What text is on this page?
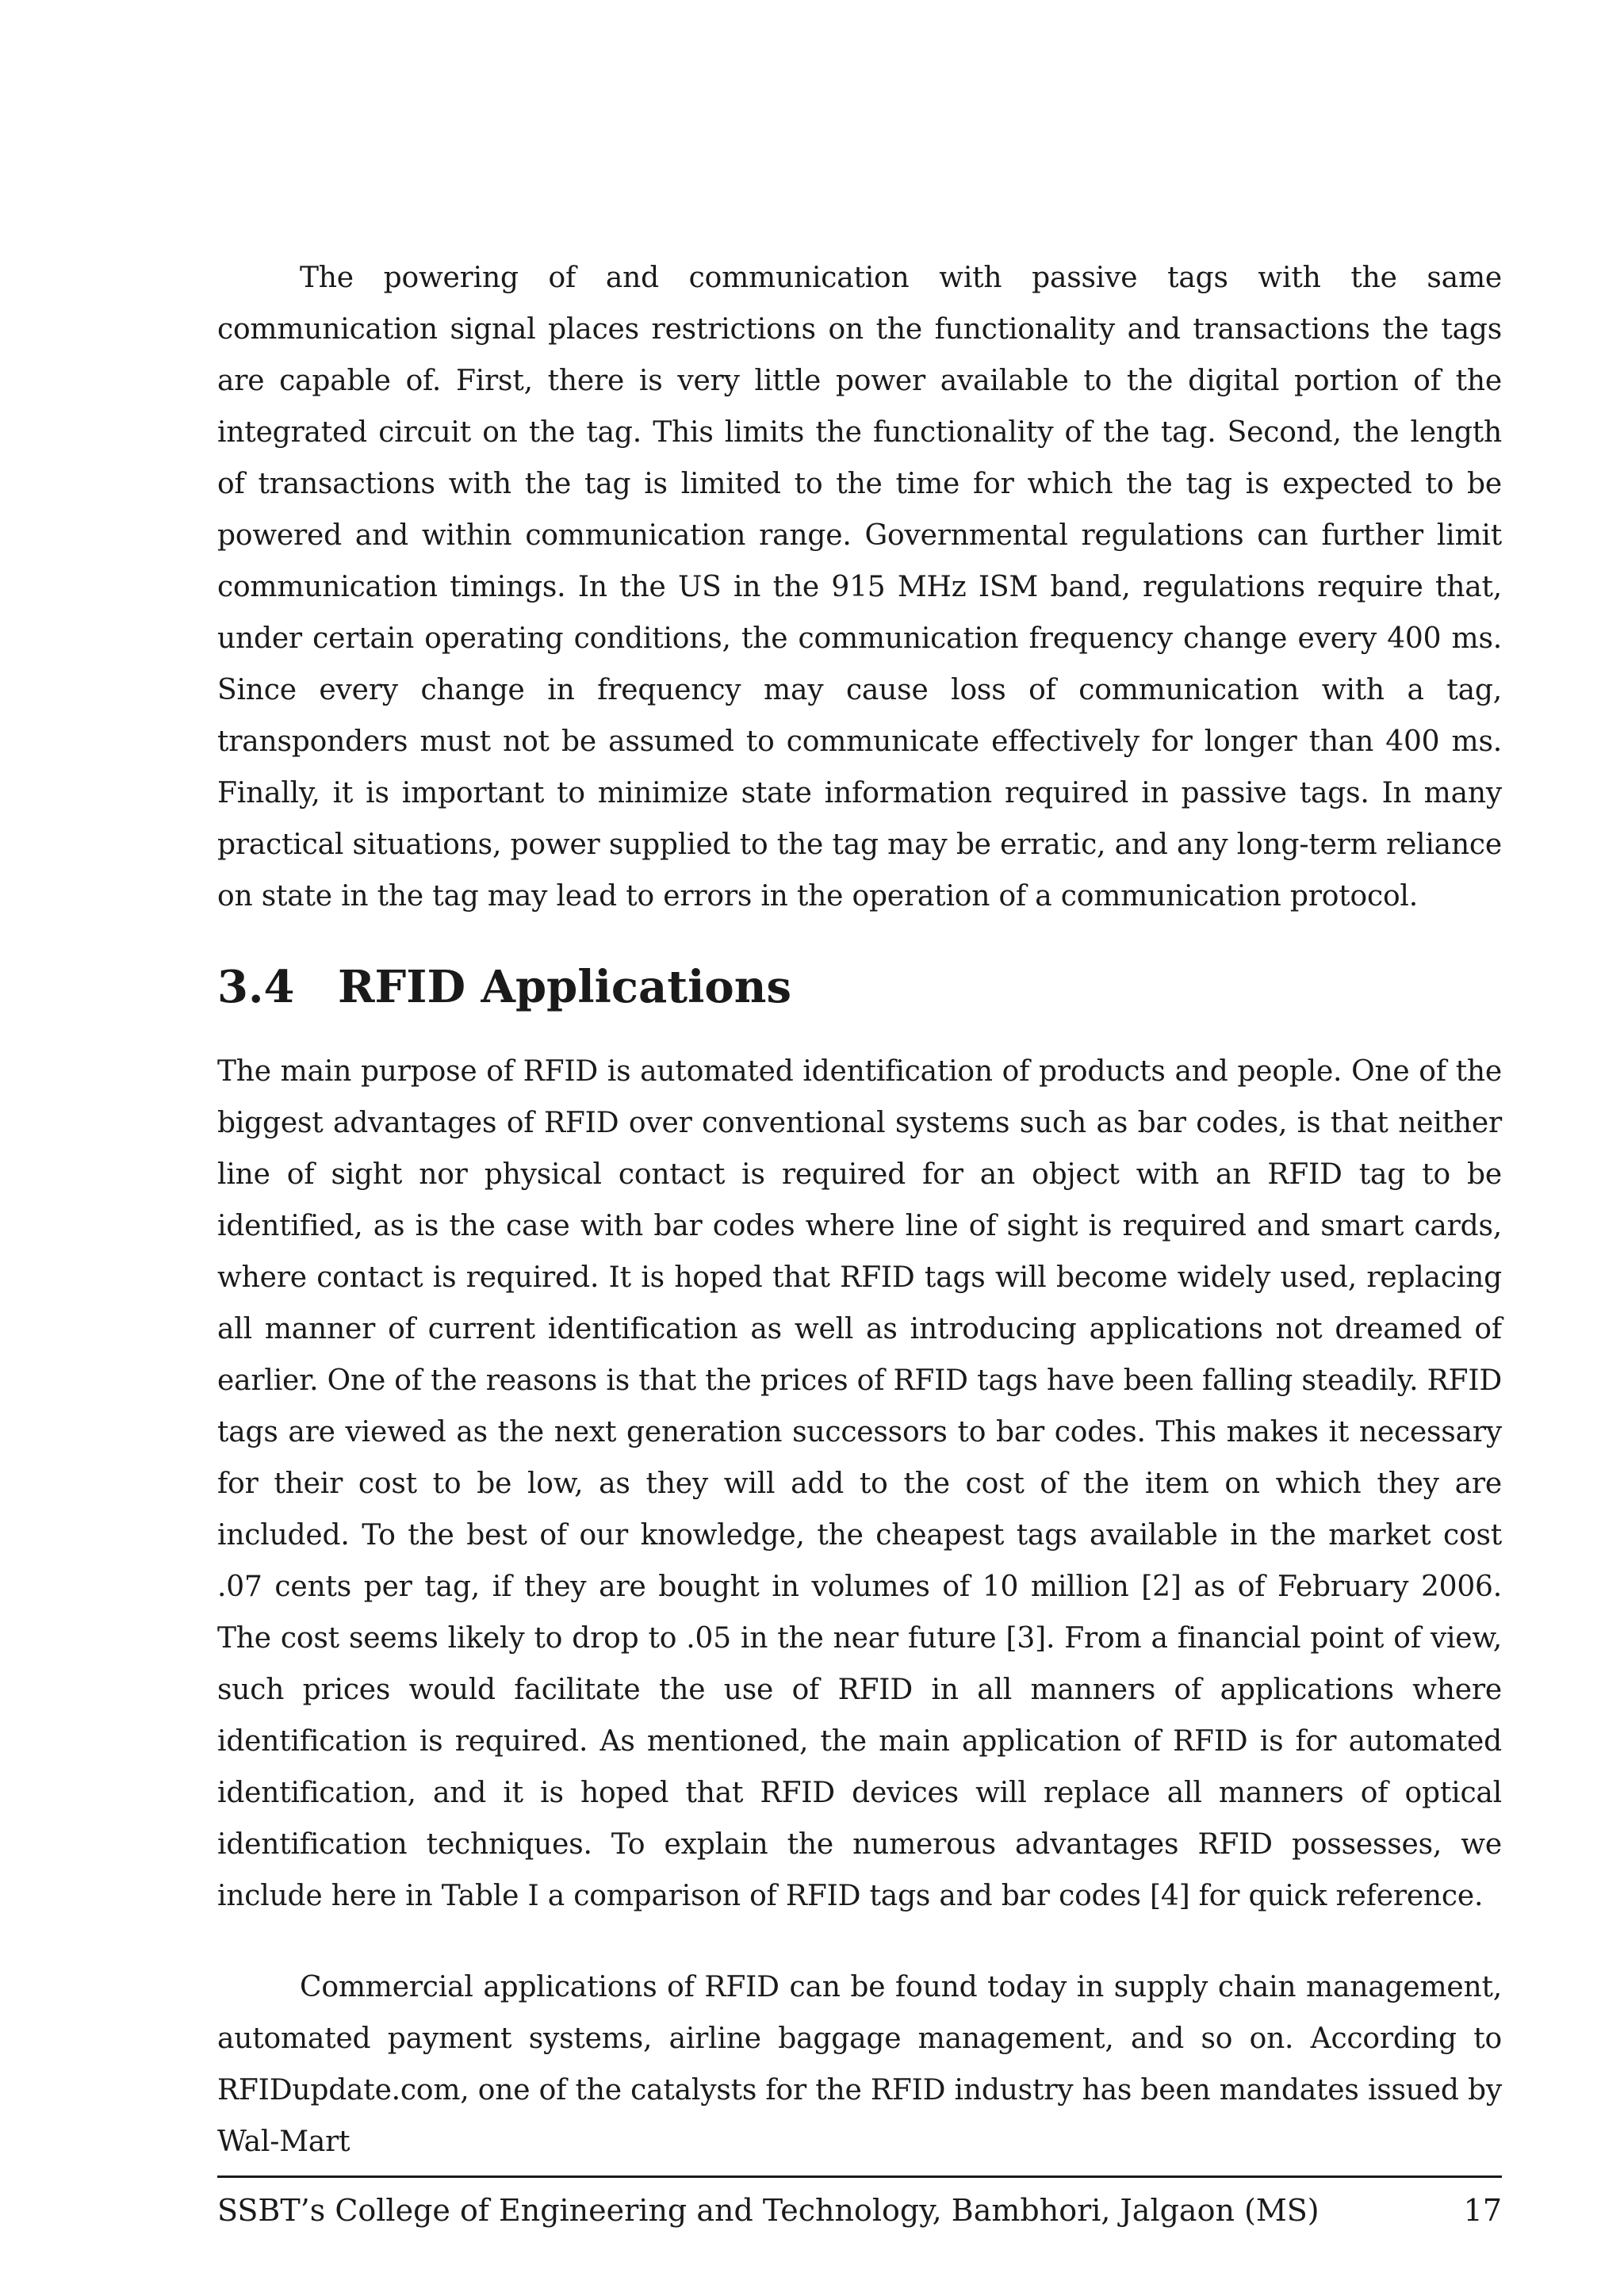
The powering of and communication with passive tags with the same communication signal places restrictions on the functionality and transactions the tags are capable of. First, there is very little power available to the digital portion of the integrated circuit on the tag. This limits the functionality of the tag. Second, the length of transactions with the tag is limited to the time for which the tag is expected to be powered and within communication range. Governmental regulations can further limit communication timings. In the US in the 915 MHz ISM band, regulations require that, under certain operating conditions, the communication frequency change every 400 ms. Since every change in frequency may cause loss of communication with a tag, transponders must not be assumed to communicate effectively for longer than 400 ms. Finally, it is important to minimize state information required in passive tags. In many practical situations, power supplied to the tag may be erratic, and any long-term reliance on state in the tag may lead to errors in the operation of a communication protocol.

3.4 RFID Applications

The main purpose of RFID is automated identification of products and people. One of the biggest advantages of RFID over conventional systems such as bar codes, is that neither line of sight nor physical contact is required for an object with an RFID tag to be identified, as is the case with bar codes where line of sight is required and smart cards, where contact is required. It is hoped that RFID tags will become widely used, replacing all manner of current identification as well as introducing applications not dreamed of earlier. One of the reasons is that the prices of RFID tags have been falling steadily. RFID tags are viewed as the next generation successors to bar codes. This makes it necessary for their cost to be low, as they will add to the cost of the item on which they are included. To the best of our knowledge, the cheapest tags available in the market cost .07 cents per tag, if they are bought in volumes of 10 million [2] as of February 2006. The cost seems likely to drop to .05 in the near future [3]. From a financial point of view, such prices would facilitate the use of RFID in all manners of applications where identification is required. As mentioned, the main application of RFID is for automated identification, and it is hoped that RFID devices will replace all manners of optical identification techniques. To explain the numerous advantages RFID possesses, we include here in Table I a comparison of RFID tags and bar codes [4] for quick reference.

Commercial applications of RFID can be found today in supply chain management, automated payment systems, airline baggage management, and so on. According to RFIDupdate.com, one of the catalysts for the RFID industry has been mandates issued by Wal-Mart

SSBT’s College of Engineering and Technology, Bambhori, Jalgaon (MS)	17
